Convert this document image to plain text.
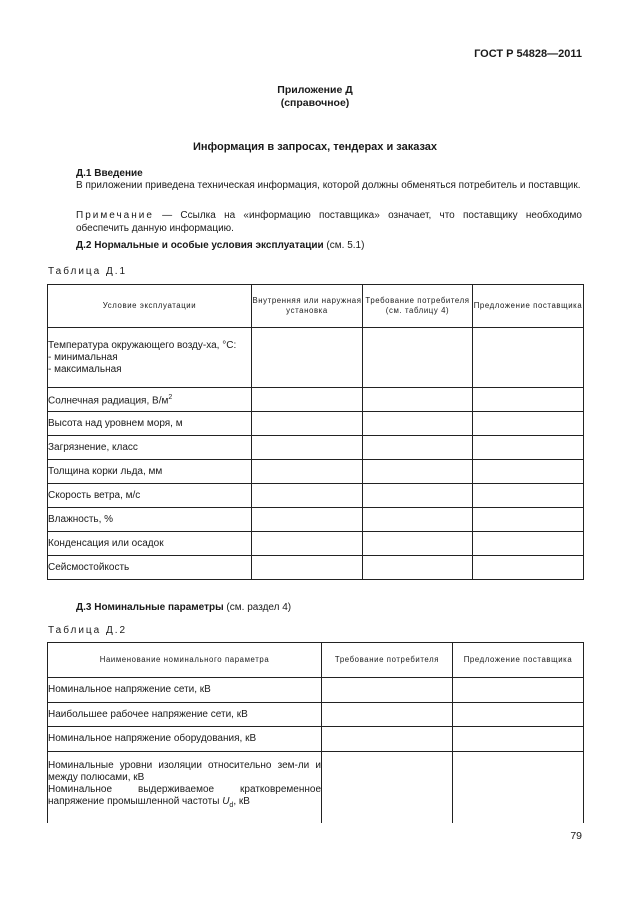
ГОСТ Р 54828—2011
Приложение Д
(справочное)
Информация в запросах, тендерах и заказах
Д.1 Введение
В приложении приведена техническая информация, которой должны обменяться потребитель и поставщик.
Примечание — Ссылка на «информацию поставщика» означает, что поставщику необходимо обеспечить данную информацию.
Д.2 Нормальные и особые условия эксплуатации (см. 5.1)
Таблица Д.1
Условие эксплуатации	Внутренняя или наружная установка	Требование потребителя (см. таблицу 4)	Предложение поставщика

Температура окружающего возду-ха, °С:
- минимальная
- максимальная			

Солнечная радиация, $В/м^2$			
Высота над уровнем моря, м			
Загрязнение, класс			
Толщина корки льда, мм			
Скорость ветра, м/с			
Влажность, %			
Конденсация или осадок			
Сейсмостойкость			
Д.3 Номинальные параметры (см. раздел 4)
Таблица Д.2
Наименование номинального параметра	Требование потребителя	Предложение поставщика
Номинальное напряжение сети, кВ		
Наибольшее рабочее напряжение сети, кВ		
Номинальное напряжение оборудования, кВ		

Номинальные уровни изоляции относительно зем-ли и между полюсами, кВ
Номинальное выдерживаемое кратковременное напряжение промышленной частоты $U_d$, кВ		

79
